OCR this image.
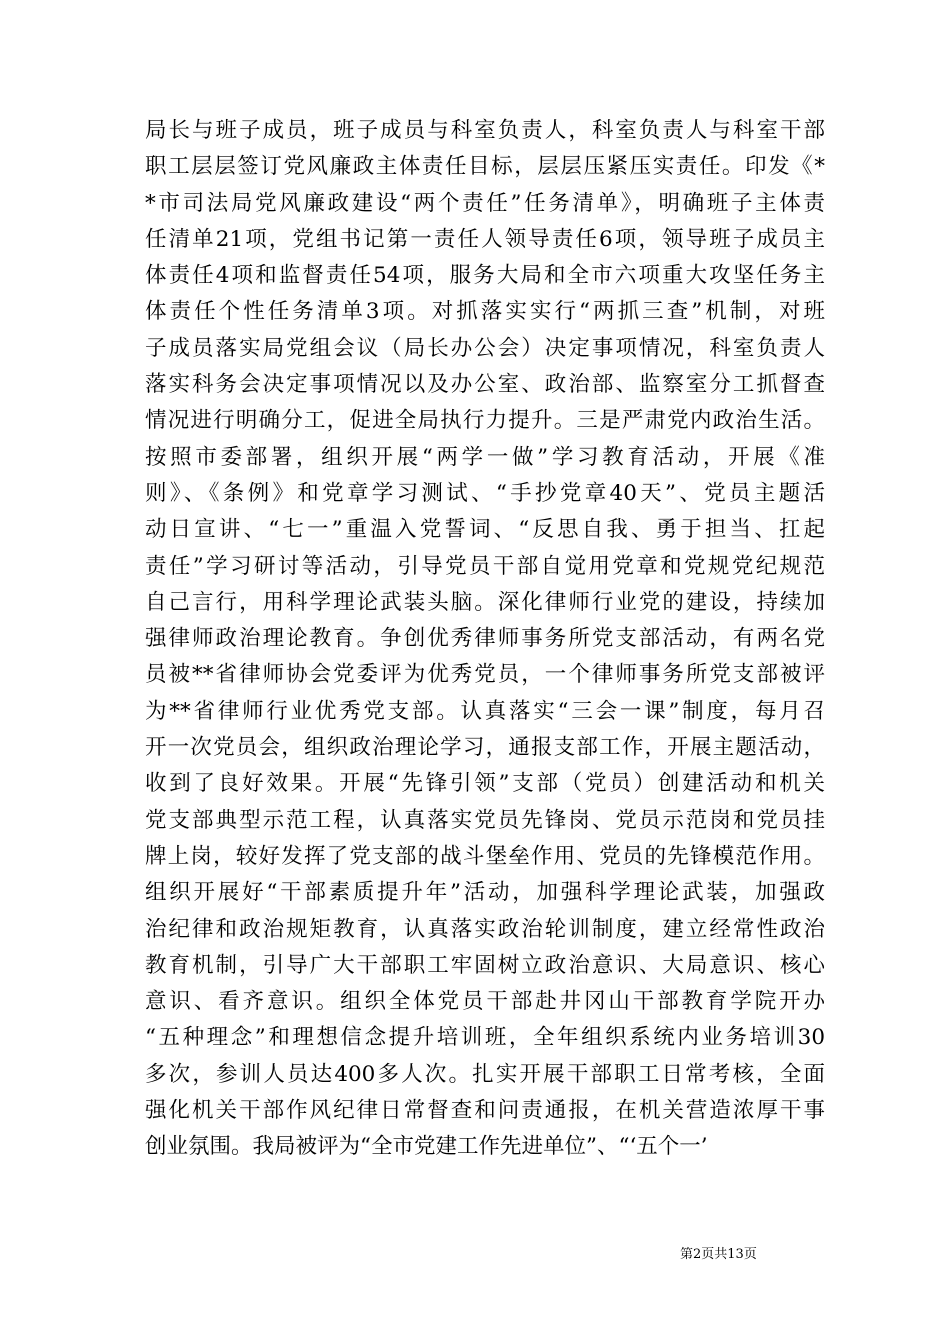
局长与班子成员，班子成员与科室负责人，科室负责人与科室干部
职工层层签订党风廉政主体责任目标，层层压紧压实责任。印发《*
*市司法局党风廉政建设“两个责任”任务清单》，明确班子主体责
任清单21项，党组书记第一责任人领导责任6项，领导班子成员主
体责任4项和监督责任54项，服务大局和全市六项重大攻坚任务主
体责任个性任务清单3项。对抓落实实行“两抓三查”机制，对班
子成员落实局党组会议（局长办公会）决定事项情况，科室负责人
落实科务会决定事项情况以及办公室、政治部、监察室分工抓督查
情况进行明确分工，促进全局执行力提升。三是严肃党内政治生活。
按照市委部署，组织开展“两学一做”学习教育活动，开展《准
则》、《条例》和党章学习测试、“手抄党章40天”、党员主题活
动日宣讲、“七一”重温入党誓词、“反思自我、勇于担当、扛起
责任”学习研讨等活动，引导党员干部自觉用党章和党规党纪规范
自己言行，用科学理论武装头脑。深化律师行业党的建设，持续加
强律师政治理论教育。争创优秀律师事务所党支部活动，有两名党
员被**省律师协会党委评为优秀党员，一个律师事务所党支部被评
为**省律师行业优秀党支部。认真落实“三会一课”制度，每月召
开一次党员会，组织政治理论学习，通报支部工作，开展主题活动，
收到了良好效果。开展“先锋引领”支部（党员）创建活动和机关
党支部典型示范工程，认真落实党员先锋岗、党员示范岗和党员挂
牌上岗，较好发挥了党支部的战斗堡垒作用、党员的先锋模范作用。
组织开展好“干部素质提升年”活动，加强科学理论武装，加强政
治纪律和政治规矩教育，认真落实政治轮训制度，建立经常性政治
教育机制，引导广大干部职工牢固树立政治意识、大局意识、核心
意识、看齐意识。组织全体党员干部赴井冈山干部教育学院开办
“五种理念”和理想信念提升培训班，全年组织系统内业务培训30
多次，参训人员达400多人次。扎实开展干部职工日常考核，全面
强化机关干部作风纪律日常督查和问责通报，在机关营造浓厚干事
创业氛围。我局被评为“全市党建工作先进单位”、“‘五个一’
第2页共13页
